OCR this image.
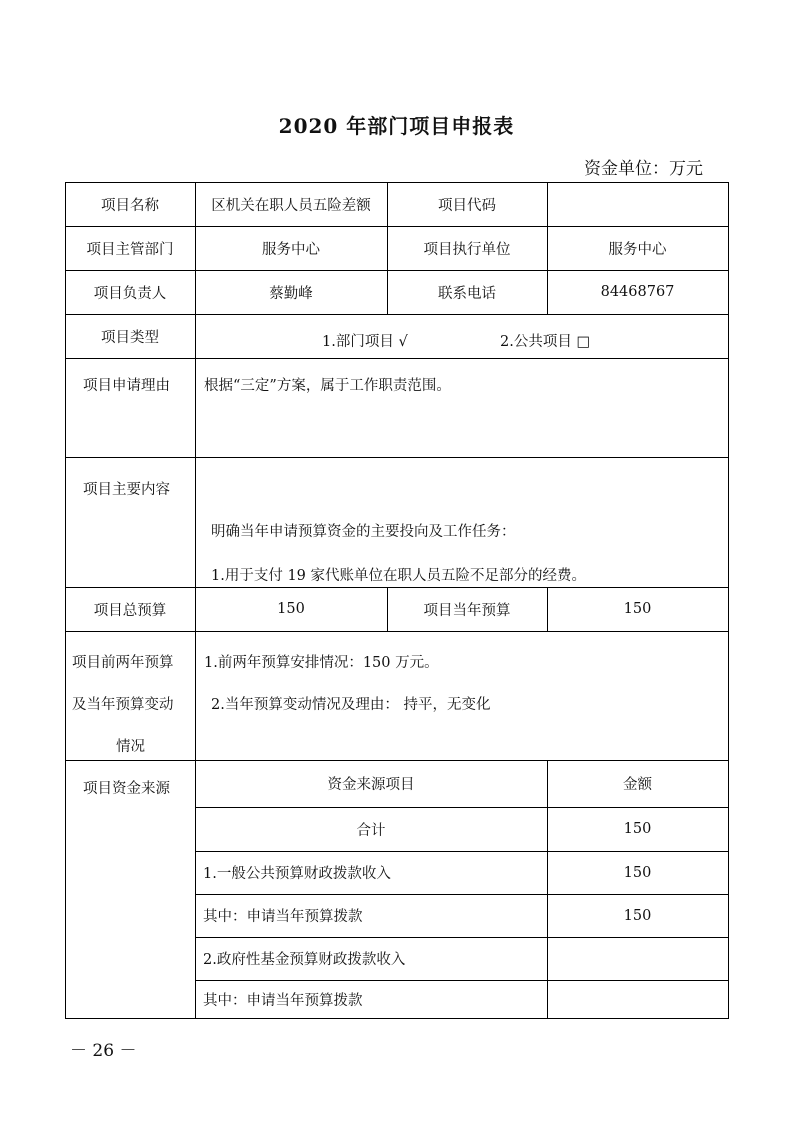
2020 年部门项目申报表
资金单位：万元
项目名称	区机关在职人员五险差额	项目代码
项目主管部门	服务中心	项目执行单位	服务中心
项目负责人	蔡勤峰	联系电话	84468767
项目类型	1.部门项目 √	2.公共项目 □
项目申请理由 根据“三定”方案，属于工作职责范围。
项目主要内容
明确当年申请预算资金的主要投向及工作任务：
1.用于支付 19 家代账单位在职人员五险不足部分的经费。
项目总预算	150	项目当年预算	150
项目前两年预算
及当年预算变动
情况
1.前两年预算安排情况：150 万元。
2.当年预算变动情况及理由： 持平，无变化
项目资金来源	资金来源项目	金额
合计	150
1.一般公共预算财政拨款收入	150
其中：申请当年预算拨款	150
2.政府性基金预算财政拨款收入
其中：申请当年预算拨款
－ 26 －
